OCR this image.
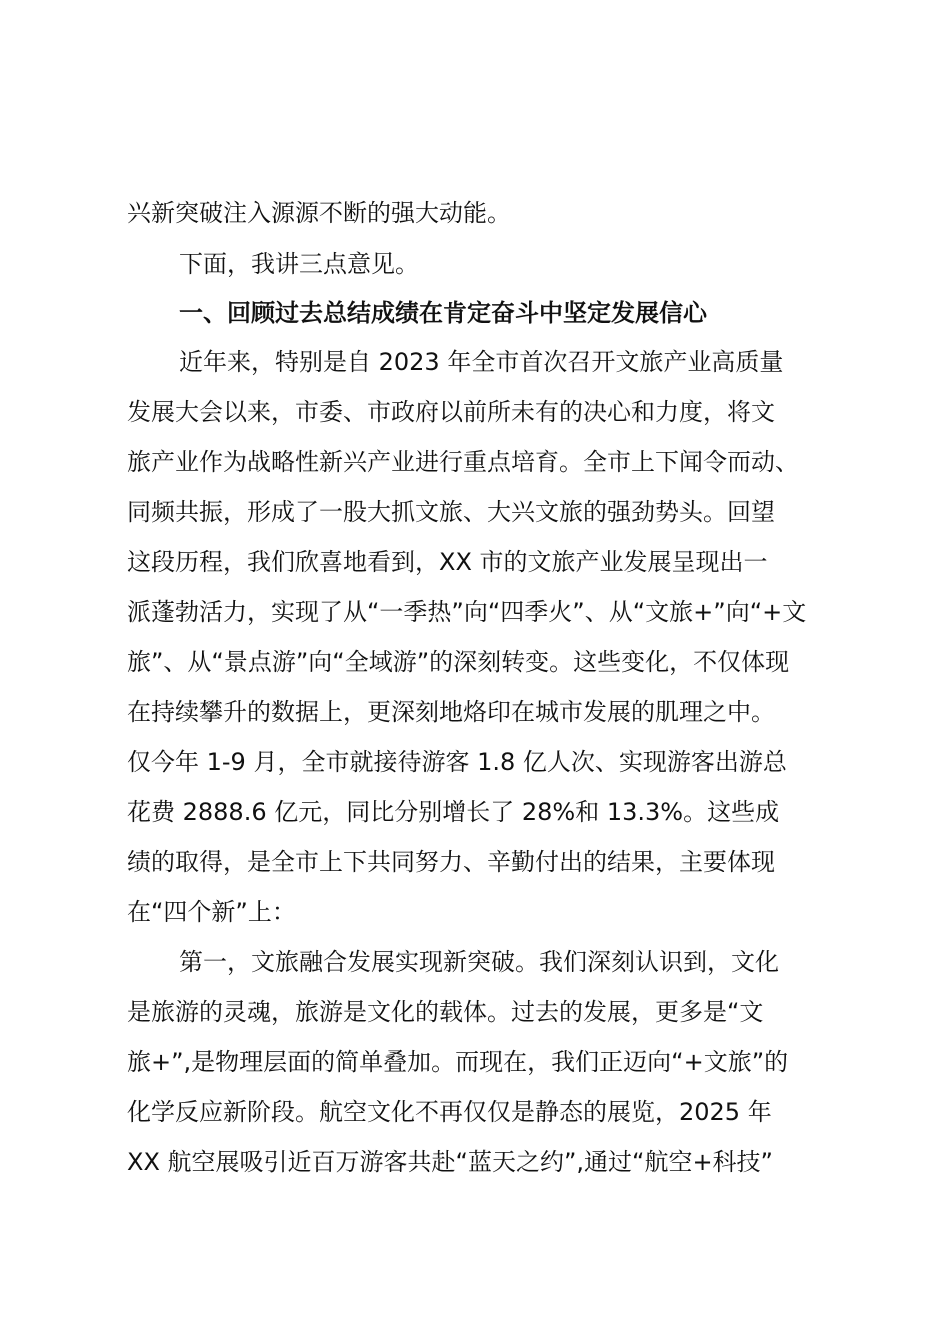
兴新突破注入源源不断的强大动能。
下面，我讲三点意见。
一、回顾过去总结成绩在肯定奋斗中坚定发展信心
近年来，特别是自 2023 年全市首次召开文旅产业高质量
发展大会以来，市委、市政府以前所未有的决心和力度，将文
旅产业作为战略性新兴产业进行重点培育。全市上下闻令而动、
同频共振，形成了一股大抓文旅、大兴文旅的强劲势头。回望
这段历程，我们欣喜地看到，XX 市的文旅产业发展呈现出一
派蓬勃活力，实现了从“一季热”向“四季火”、从“文旅+”向“+文
旅”、从“景点游”向“全域游”的深刻转变。这些变化，不仅体现
在持续攀升的数据上，更深刻地烙印在城市发展的肌理之中。
仅今年 1-9 月，全市就接待游客 1.8 亿人次、实现游客出游总
花费 2888.6 亿元，同比分别增长了 28%和 13.3%。这些成
绩的取得，是全市上下共同努力、辛勤付出的结果，主要体现
在“四个新”上：
第一，文旅融合发展实现新突破。我们深刻认识到，文化
是旅游的灵魂，旅游是文化的载体。过去的发展，更多是“文
旅+”,是物理层面的简单叠加。而现在，我们正迈向“+文旅”的
化学反应新阶段。航空文化不再仅仅是静态的展览，2025 年
XX 航空展吸引近百万游客共赴“蓝天之约”,通过“航空+科技”
